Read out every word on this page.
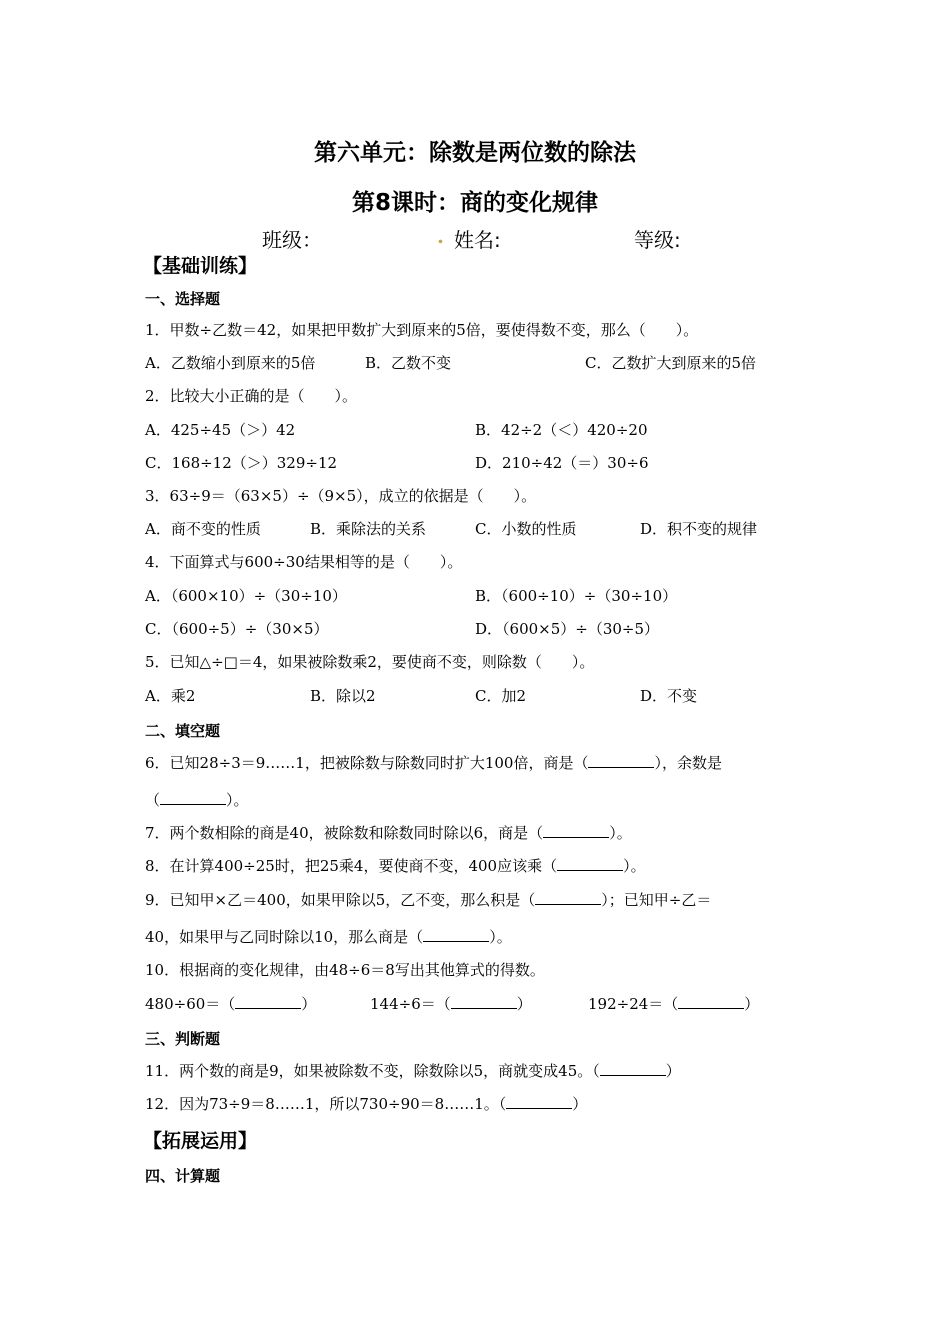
第六单元：除数是两位数的除法
第8课时：商的变化规律
班级：	. 姓名:	等级:
【基础训练】
一、选择题
1．甲数÷乙数＝42，如果把甲数扩大到原来的5倍，要使得数不变，那么（　　）。
A．乙数缩小到原来的5倍	B．乙数不变	C．乙数扩大到原来的5倍
2．比较大小正确的是（　　）。
A．425÷45（＞）42	B．42÷2（＜）420÷20
C．168÷12（＞）329÷12	D．210÷42（＝）30÷6
3．63÷9＝（63×5）÷（9×5），成立的依据是（　　）。
A．商不变的性质	B．乘除法的关系	C．小数的性质	D．积不变的规律
4．下面算式与600÷30结果相等的是（　　）。
A．（600×10）÷（30÷10）	B．（600÷10）÷（30÷10）
C．（600÷5）÷（30×5）	D．（600×5）÷（30÷5）
5．已知△÷□＝4，如果被除数乘2，要使商不变，则除数（　　）。
A．乘2	B．除以2	C．加2	D．不变
二、填空题
6．已知28÷3＝9……1，把被除数与除数同时扩大100倍，商是（	），余数是
（	）。
7．两个数相除的商是40，被除数和除数同时除以6，商是（	）。
8．在计算400÷25时，把25乘4，要使商不变，400应该乘（	）。
9．已知甲×乙＝400，如果甲除以5，乙不变，那么积是（	）；已知甲÷乙＝
40，如果甲与乙同时除以10，那么商是（	）。
10．根据商的变化规律，由48÷6＝8写出其他算式的得数。
480÷60＝（	）	144÷6＝（	）	192÷24＝（	）
三、判断题
11．两个数的商是9，如果被除数不变，除数除以5，商就变成45。（	）
12．因为73÷9＝8……1，所以730÷90＝8……1。（	）
【拓展运用】
四、计算题
